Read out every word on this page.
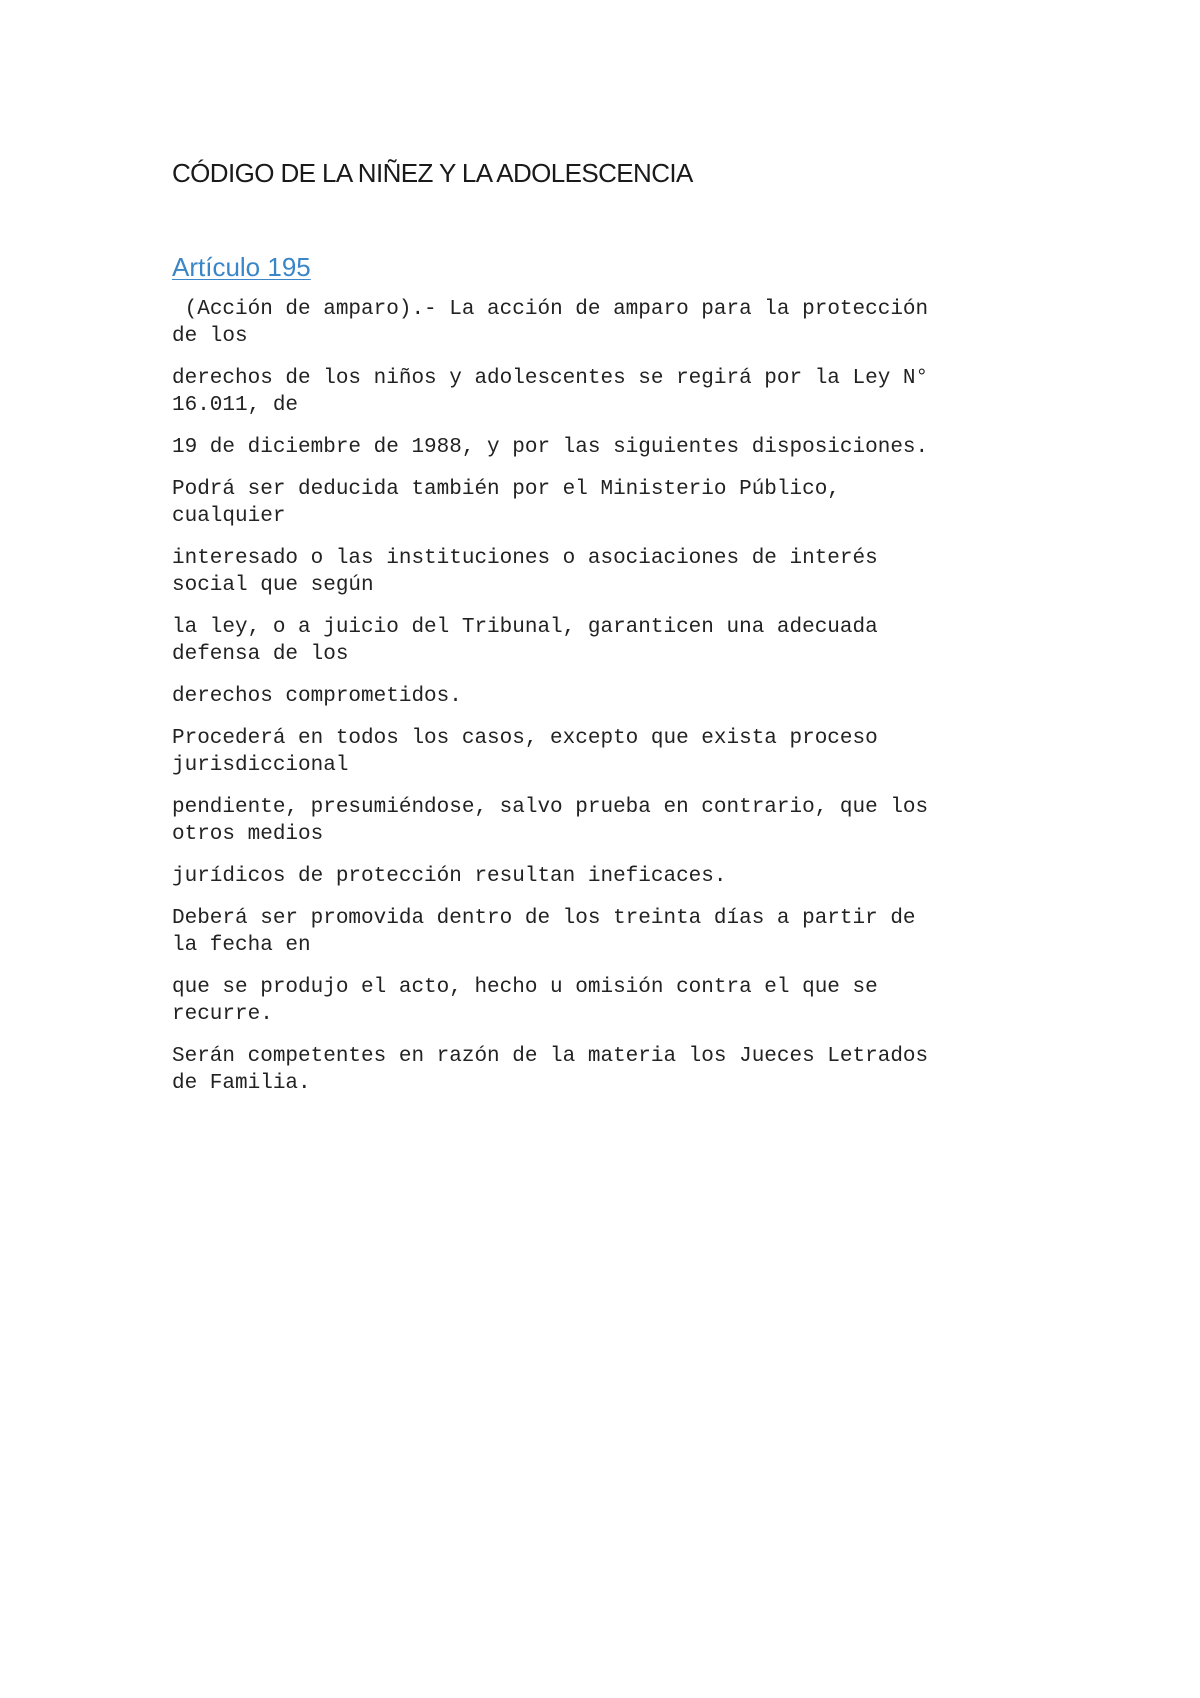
CÓDIGO DE LA NIÑEZ Y LA ADOLESCENCIA
Artículo 195

(Acción de amparo).- La acción de amparo para la protección
de los

derechos de los niños y adolescentes se regirá por la Ley N°
16.011, de

19 de diciembre de 1988, y por las siguientes disposiciones.

Podrá ser deducida también por el Ministerio Público,
cualquier

interesado o las instituciones o asociaciones de interés
social que según

la ley, o a juicio del Tribunal, garanticen una adecuada
defensa de los

derechos comprometidos.

Procederá en todos los casos, excepto que exista proceso
jurisdiccional

pendiente, presumiéndose, salvo prueba en contrario, que los
otros medios

jurídicos de protección resultan ineficaces.

Deberá ser promovida dentro de los treinta días a partir de
la fecha en

que se produjo el acto, hecho u omisión contra el que se
recurre.

Serán competentes en razón de la materia los Jueces Letrados
de Familia.
